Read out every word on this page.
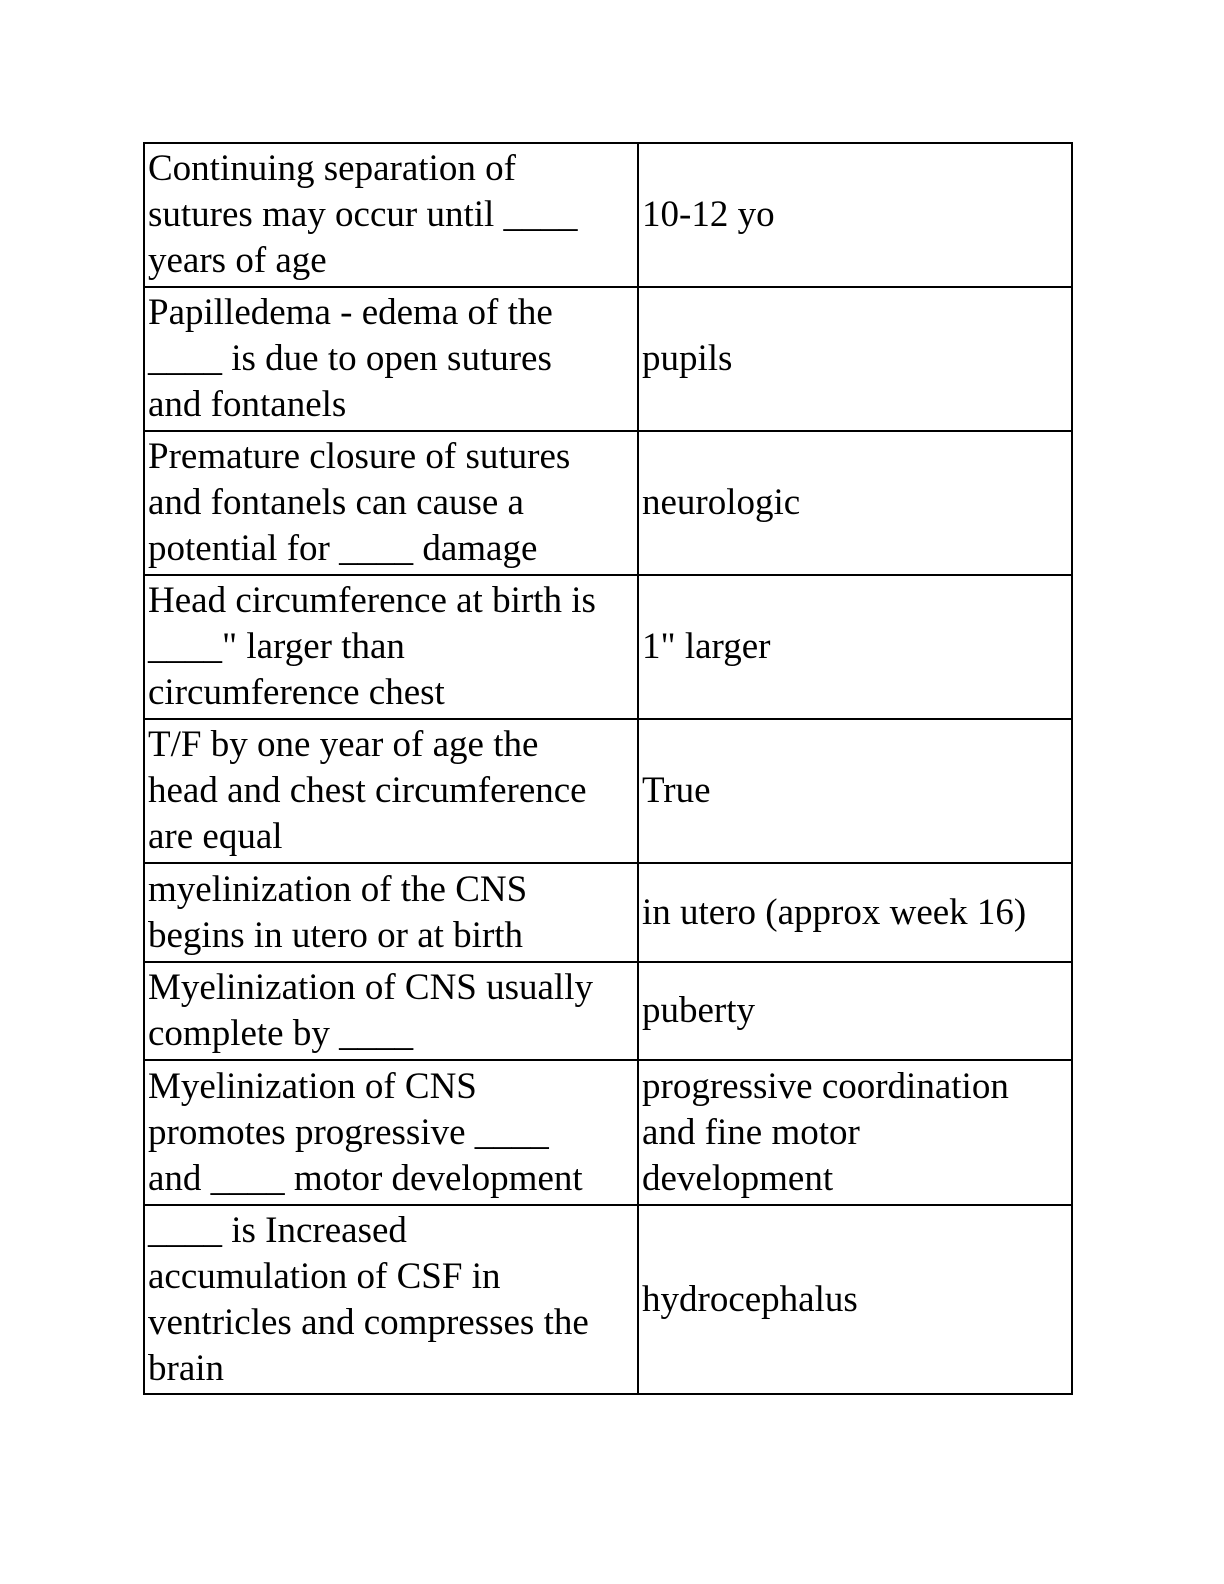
Continuing separation of
sutures may occur until ____
years of age	10-12 yo
Papilledema - edema of the
____ is due to open sutures
and fontanels	pupils
Premature closure of sutures
and fontanels can cause a
potential for ____ damage	neurologic
Head circumference at birth is
____" larger than
circumference chest	1" larger
T/F by one year of age the
head and chest circumference
are equal	True
myelinization of the CNS
begins in utero or at birth	in utero (approx week 16)
Myelinization of CNS usually
complete by ____	puberty
Myelinization of CNS
promotes progressive ____
and ____ motor development	progressive coordination
and fine motor
development
____ is Increased
accumulation of CSF in
ventricles and compresses the
brain	hydrocephalus
